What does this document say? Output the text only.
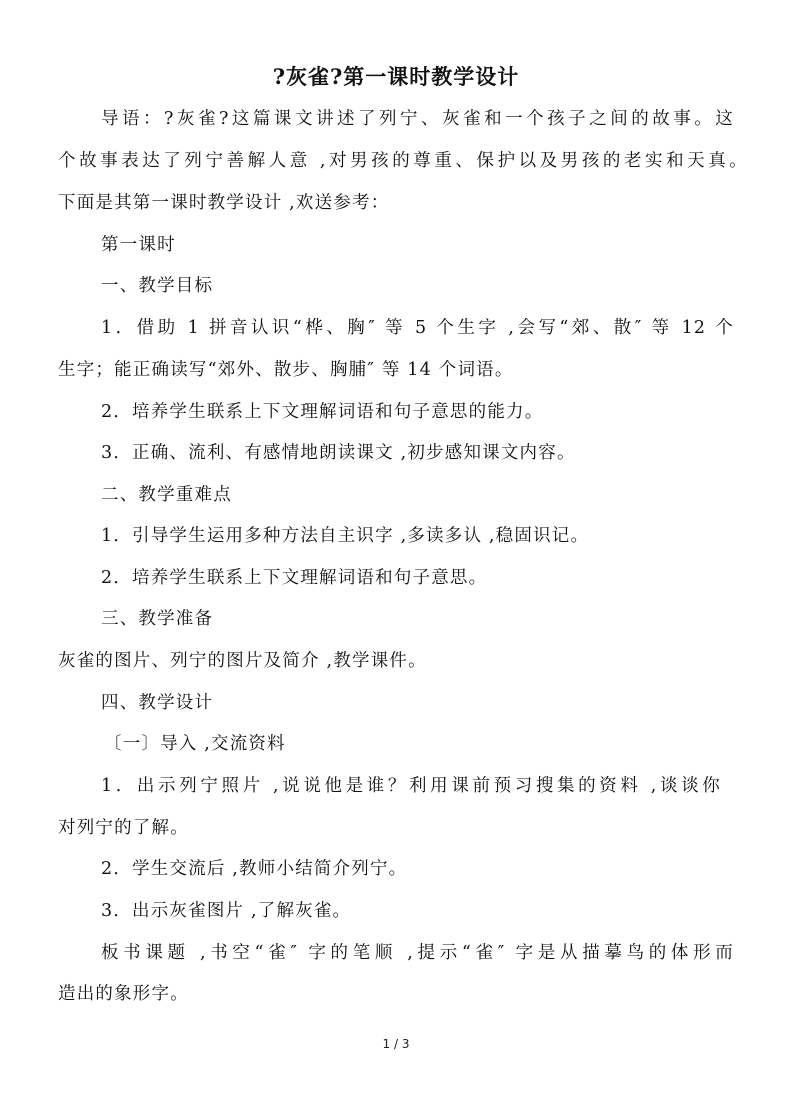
?灰雀?第一课时教学设计
导语：?灰雀?这篇课文讲述了列宁、灰雀和一个孩子之间的故事。这
个故事表达了列宁善解人意 ,对男孩的尊重、保护以及男孩的老实和天真。
下面是其第一课时教学设计 ,欢送参考：
第一课时
一、教学目标
1．借助 1 拼音认识“桦、胸″ 等 5 个生字 ,会写“郊、散″ 等 12 个
生字；能正确读写“郊外、散步、胸脯″ 等 14 个词语。
2．培养学生联系上下文理解词语和句子意思的能力。
3．正确、流利、有感情地朗读课文 ,初步感知课文内容。
二、教学重难点
1．引导学生运用多种方法自主识字 ,多读多认 ,稳固识记。
2．培养学生联系上下文理解词语和句子意思。
三、教学准备
灰雀的图片、列宁的图片及简介 ,教学课件。
四、教学设计
〔一〕导入 ,交流资料
1．出示列宁照片 ,说说他是谁？利用课前预习搜集的资料 ,谈谈你
对列宁的了解。
2．学生交流后 ,教师小结简介列宁。
3．出示灰雀图片 ,了解灰雀。
板书课题 ,书空“雀″ 字的笔顺 ,提示“雀″ 字是从描摹鸟的体形而
造出的象形字。
1 / 3
